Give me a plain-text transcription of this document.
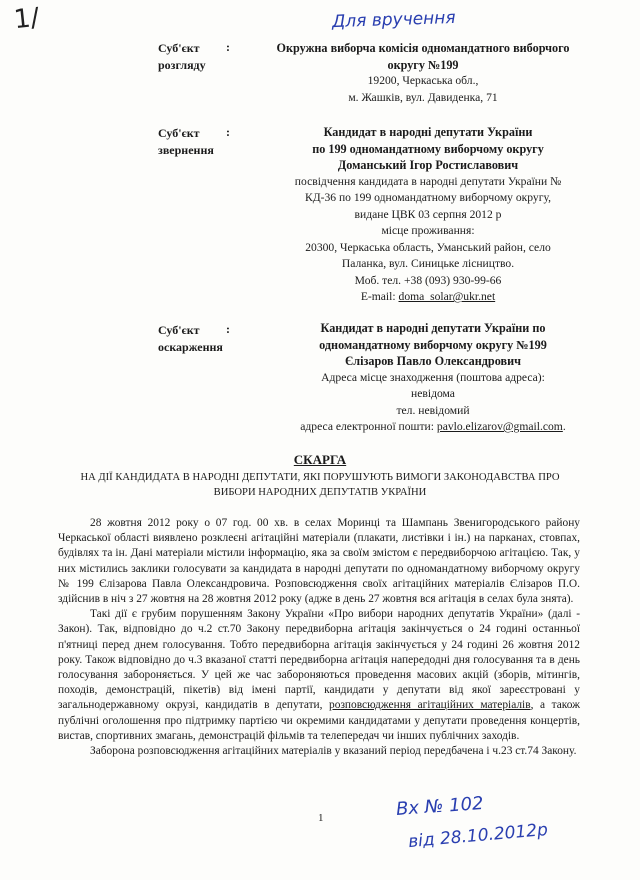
1/	Для вручення
Суб'єкт
розгляду
:	Окружна виборча комісія одномандатного виборчого
округу №199
19200, Черкаська обл.,
м. Жашків, вул. Давиденка, 71
Суб'єкт
звернення
:	Кандидат в народні депутати України
по 199 одномандатному виборчому округу
Доманський Ігор Ростиславович
посвідчення кандидата в народні депутати України №
КД-36 по 199 одномандатному виборчому округу,
видане ЦВК 03 серпня 2012 р
місце проживання:
20300, Черкаська область, Уманський район, село
Паланка, вул. Синицьке лісництво.
Моб. тел. +38 (093) 930-99-66
E-mail: doma_solar@ukr.net
Суб'єкт
оскарження
:	Кандидат в народні депутати України по
одномандатному виборчому округу №199
Єлізаров Павло Олександрович
Адреса місце знаходження (поштова адреса):
невідома
тел. невідомий
адреса електронної пошти: pavlo.elizarov@gmail.com.
СКАРГА
НА ДІЇ КАНДИДАТА В НАРОДНІ ДЕПУТАТИ, ЯКІ ПОРУШУЮТЬ ВИМОГИ ЗАКОНОДАВСТВА ПРО
ВИБОРИ НАРОДНИХ ДЕПУТАТІВ УКРАЇНИ

28 жовтня 2012 року о 07 год. 00 хв. в селах Моринці та Шампань Звенигородського району Черкаської області виявлено розклеєні агітаційні матеріали (плакати, листівки і ін.) на парканах, стовпах, будівлях та ін. Дані матеріали містили інформацію, яка за своїм змістом є передвиборчою агітацією. Так, у них містились заклики голосувати за кандидата в народні депутати по одномандатному виборчому округу № 199 Єлізарова Павла Олександровича. Розповсюдження своїх агітаційних матеріалів Єлізаров П.О. здійснив в ніч з 27 жовтня на 28 жовтня 2012 року (адже в день 27 жовтня вся агітація в селах була знята).

Такі дії є грубим порушенням Закону України «Про вибори народних депутатів України» (далі - Закон). Так, відповідно до ч.2 ст.70 Закону передвиборна агітація закінчується о 24 годині останньої п'ятниці перед днем голосування. Тобто передвиборна агітація закінчується у 24 годині 26 жовтня 2012 року. Також відповідно до ч.3 вказаної статті передвиборна агітація напередодні дня голосування та в день голосування забороняється. У цей же час забороняються проведення масових акцій (зборів, мітингів, походів, демонстрацій, пікетів) від імені партії, кандидати у депутати від якої зареєстровані у загальнодержавному окрузі, кандидатів в депутати, розповсюдження агітаційних матеріалів, а також публічні оголошення про підтримку партією чи окремими кандидатами у депутати проведення концертів, вистав, спортивних змагань, демонстрацій фільмів та телепередач чи інших публічних заходів.

Заборона розповсюдження агітаційних матеріалів у вказаний період передбачена і ч.23 ст.74 Закону.

1	Вх № 102
від 28.10.2012р
